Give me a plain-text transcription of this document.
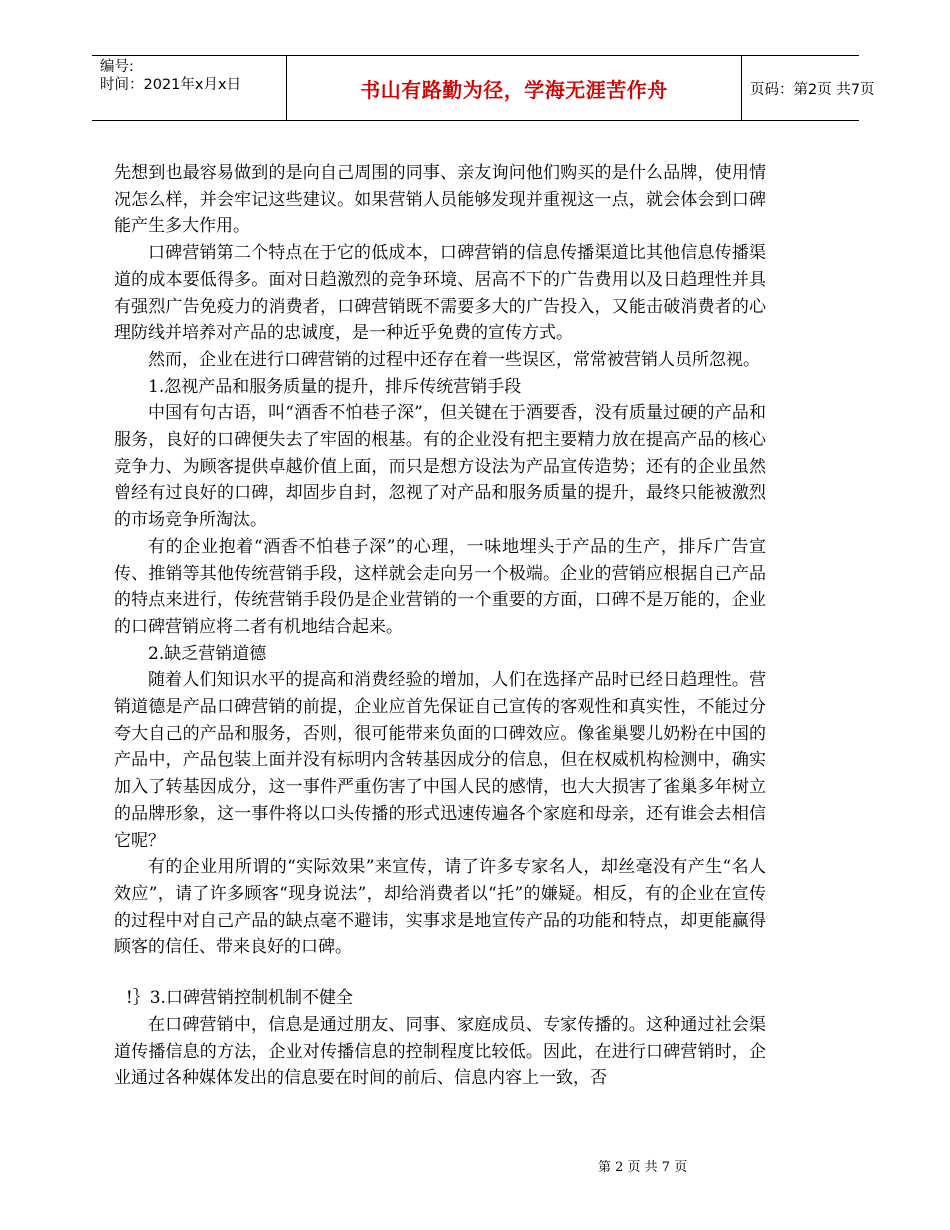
编号:
时间：2021年x月x日	书山有路勤为径，学海无涯苦作舟	页码：第2页 共7页

先想到也最容易做到的是向自己周围的同事、亲友询问他们购买的是什么品牌，使用情况怎么样，并会牢记这些建议。如果营销人员能够发现并重视这一点，就会体会到口碑能产生多大作用。

口碑营销第二个特点在于它的低成本，口碑营销的信息传播渠道比其他信息传播渠道的成本要低得多。面对日趋激烈的竞争环境、居高不下的广告费用以及日趋理性并具有强烈广告免疫力的消费者，口碑营销既不需要多大的广告投入，又能击破消费者的心理防线并培养对产品的忠诚度，是一种近乎免费的宣传方式。

然而，企业在进行口碑营销的过程中还存在着一些误区，常常被营销人员所忽视。

1.忽视产品和服务质量的提升，排斥传统营销手段

中国有句古语，叫“酒香不怕巷子深”，但关键在于酒要香，没有质量过硬的产品和服务，良好的口碑便失去了牢固的根基。有的企业没有把主要精力放在提高产品的核心竞争力、为顾客提供卓越价值上面，而只是想方设法为产品宣传造势；还有的企业虽然曾经有过良好的口碑，却固步自封，忽视了对产品和服务质量的提升，最终只能被激烈的市场竞争所淘汰。

有的企业抱着“酒香不怕巷子深”的心理，一味地埋头于产品的生产，排斥广告宣传、推销等其他传统营销手段，这样就会走向另一个极端。企业的营销应根据自己产品的特点来进行，传统营销手段仍是企业营销的一个重要的方面，口碑不是万能的，企业的口碑营销应将二者有机地结合起来。

2.缺乏营销道德

随着人们知识水平的提高和消费经验的增加，人们在选择产品时已经日趋理性。营销道德是产品口碑营销的前提，企业应首先保证自己宣传的客观性和真实性，不能过分夸大自己的产品和服务，否则，很可能带来负面的口碑效应。像雀巢婴儿奶粉在中国的产品中，产品包装上面并没有标明内含转基因成分的信息，但在权威机构检测中，确实加入了转基因成分，这一事件严重伤害了中国人民的感情，也大大损害了雀巢多年树立的品牌形象，这一事件将以口头传播的形式迅速传遍各个家庭和母亲，还有谁会去相信它呢？

有的企业用所谓的“实际效果”来宣传，请了许多专家名人，却丝毫没有产生“名人效应”，请了许多顾客“现身说法”，却给消费者以“托”的嫌疑。相反，有的企业在宣传的过程中对自己产品的缺点毫不避讳，实事求是地宣传产品的功能和特点，却更能赢得顾客的信任、带来良好的口碑。

!｝3.口碑营销控制机制不健全

在口碑营销中，信息是通过朋友、同事、家庭成员、专家传播的。这种通过社会渠道传播信息的方法，企业对传播信息的控制程度比较低。因此，在进行口碑营销时，企业通过各种媒体发出的信息要在时间的前后、信息内容上一致，否

第 2 页 共 7 页
